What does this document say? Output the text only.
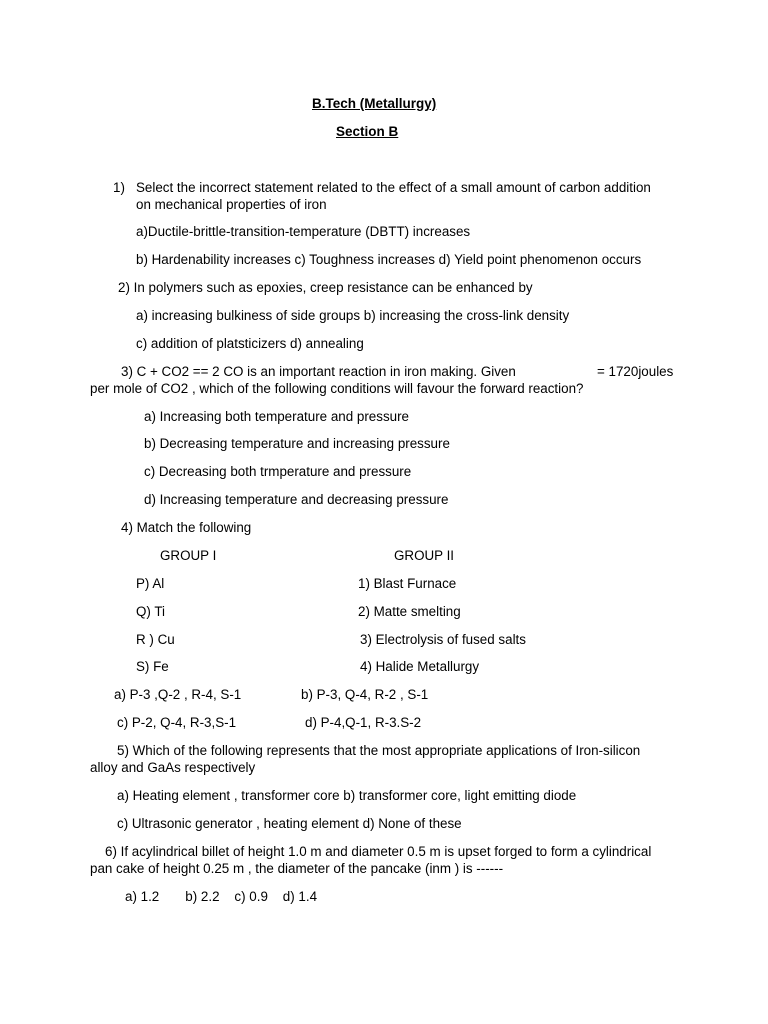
B.Tech (Metallurgy)
Section B
1) Select the incorrect statement related to the effect of a small amount of carbon addition
on mechanical properties of iron
a)Ductile-brittle-transition-temperature (DBTT) increases
b) Hardenability increases c) Toughness increases d) Yield point phenomenon occurs
2) In polymers such as epoxies, creep resistance can be enhanced by
a) increasing bulkiness of side groups b) increasing the cross-link density
c) addition of platsticizers d) annealing
3) C + CO2 == 2 CO is an important reaction in iron making. Given	= 1720joules
per mole of CO2 , which of the following conditions will favour the forward reaction?
a) Increasing both temperature and pressure
b) Decreasing temperature and increasing pressure
c) Decreasing both trmperature and pressure
d) Increasing temperature and decreasing pressure
4) Match the following
GROUP I	GROUP II
P) Al	1) Blast Furnace
Q) Ti	2) Matte smelting
R ) Cu	3) Electrolysis of fused salts
S) Fe	4) Halide Metallurgy
a) P-3 ,Q-2 , R-4, S-1	b) P-3, Q-4, R-2 , S-1
c) P-2, Q-4, R-3,S-1	d) P-4,Q-1, R-3.S-2
5) Which of the following represents that the most appropriate applications of Iron-silicon
alloy and GaAs respectively
a) Heating element , transformer core b) transformer core, light emitting diode
c) Ultrasonic generator , heating element d) None of these
6) If acylindrical billet of height 1.0 m and diameter 0.5 m is upset forged to form a cylindrical
pan cake of height 0.25 m , the diameter of the pancake (inm ) is ------
a) 1.2       b) 2.2    c) 0.9    d) 1.4
